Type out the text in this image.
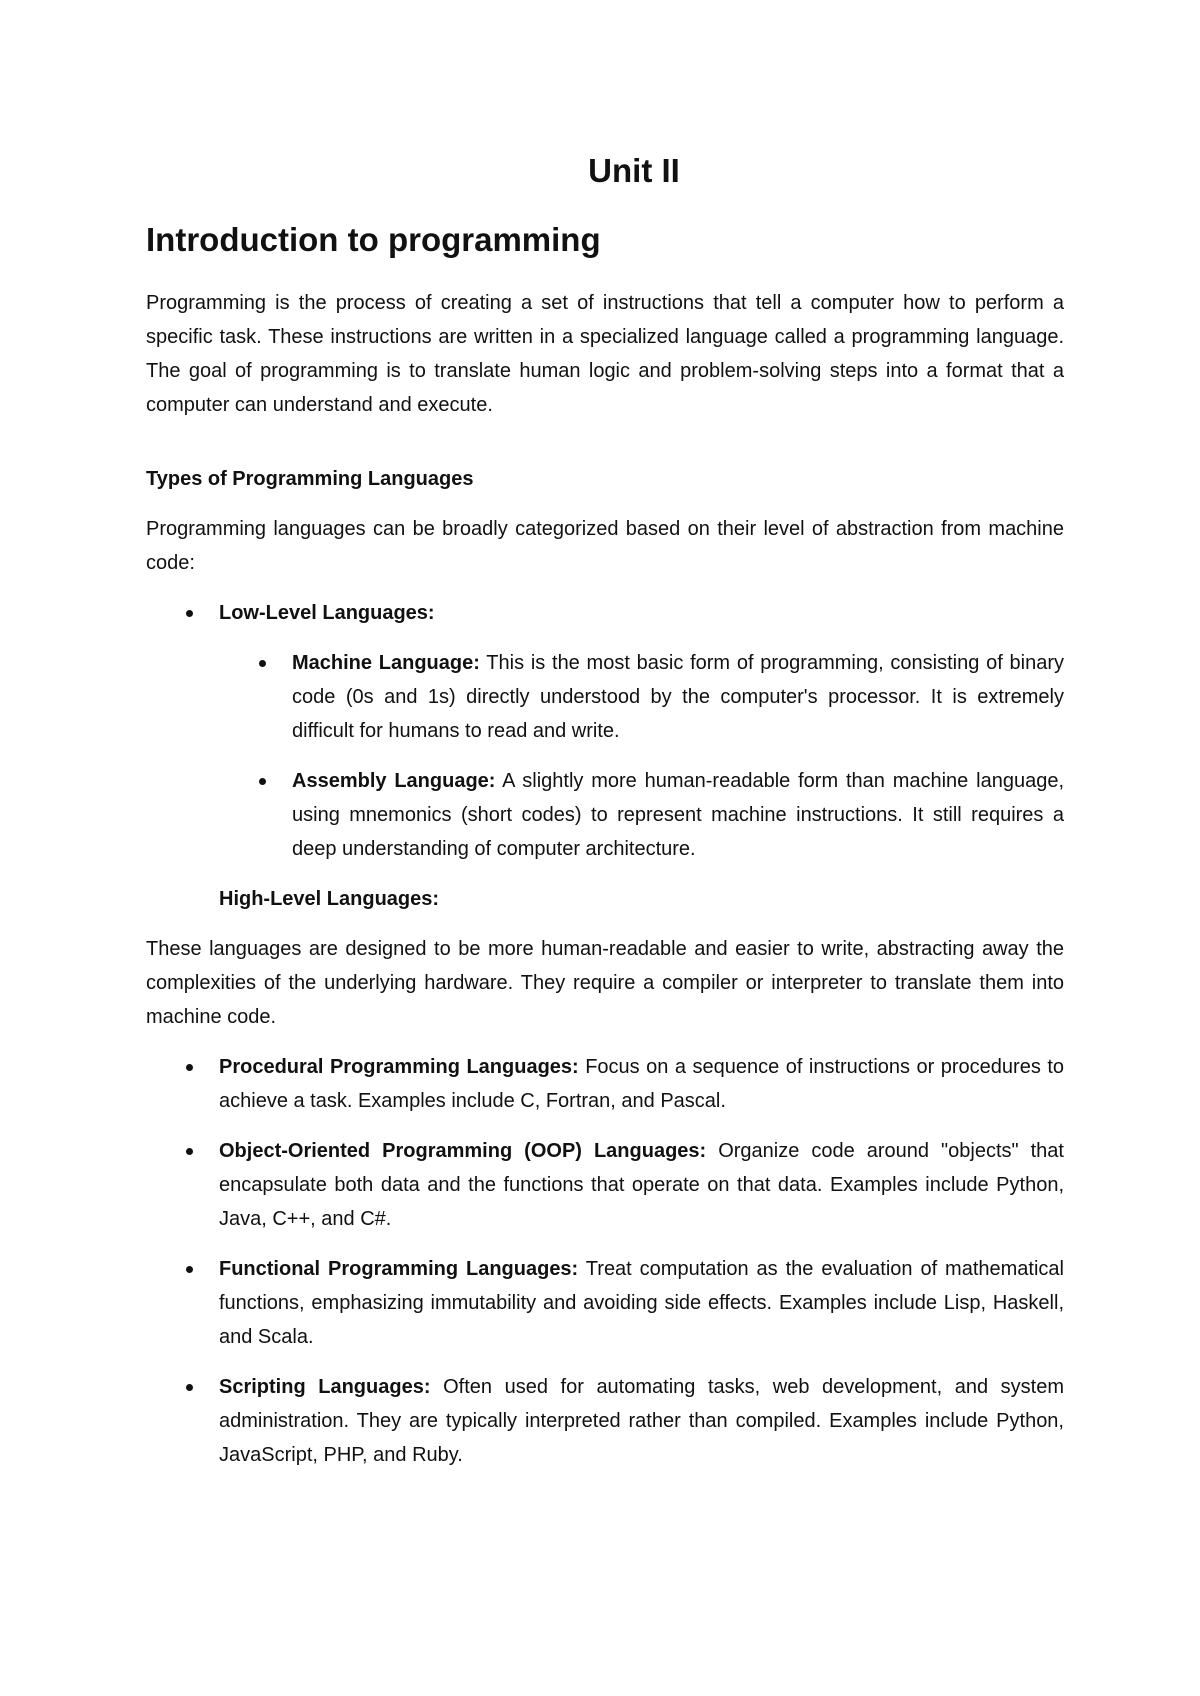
Unit II
Introduction to programming

Programming is the process of creating a set of instructions that tell a computer how to perform a specific task. These instructions are written in a specialized language called a programming language. The goal of programming is to translate human logic and problem-solving steps into a format that a computer can understand and execute.

Types of Programming Languages

Programming languages can be broadly categorized based on their level of abstraction from machine code:

Low-Level Languages:
Machine Language: This is the most basic form of programming, consisting of binary code (0s and 1s) directly understood by the computer's processor. It is extremely difficult for humans to read and write.
Assembly Language: A slightly more human-readable form than machine language, using mnemonics (short codes) to represent machine instructions. It still requires a deep understanding of computer architecture.
High-Level Languages:

These languages are designed to be more human-readable and easier to write, abstracting away the complexities of the underlying hardware. They require a compiler or interpreter to translate them into machine code.

Procedural Programming Languages: Focus on a sequence of instructions or procedures to achieve a task. Examples include C, Fortran, and Pascal.
Object-Oriented Programming (OOP) Languages: Organize code around "objects" that encapsulate both data and the functions that operate on that data. Examples include Python, Java, C++, and C#.
Functional Programming Languages: Treat computation as the evaluation of mathematical functions, emphasizing immutability and avoiding side effects. Examples include Lisp, Haskell, and Scala.
Scripting Languages: Often used for automating tasks, web development, and system administration. They are typically interpreted rather than compiled. Examples include Python, JavaScript, PHP, and Ruby.
